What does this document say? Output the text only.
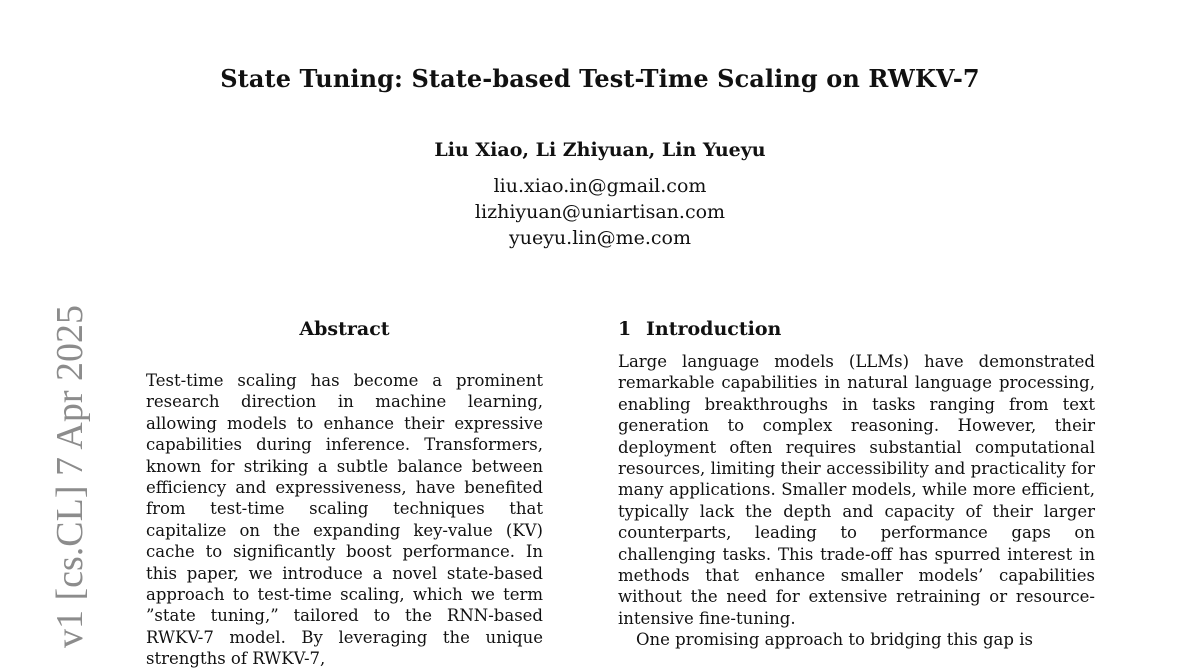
v1 [cs.CL] 7 Apr 2025
State Tuning: State-based Test-Time Scaling on RWKV-7
Liu Xiao, Li Zhiyuan, Lin Yueyu
liu.xiao.in@gmail.com
lizhiyuan@uniartisan.com
yueyu.lin@me.com
Abstract
Test-time scaling has become a prominent research direction in machine learning, allowing models to enhance their expressive capabilities during inference. Transformers, known for striking a subtle balance between efficiency and expressiveness, have benefited from test-time scaling techniques that capitalize on the expanding key-value (KV) cache to significantly boost performance. In this paper, we introduce a novel state-based approach to test-time scaling, which we term ”state tuning,” tailored to the RNN-based RWKV-7 model. By leveraging the unique strengths of RWKV-7,
1 Introduction

Large language models (LLMs) have demonstrated remarkable capabilities in natural language processing, enabling breakthroughs in tasks ranging from text generation to complex reasoning. However, their deployment often requires substantial computational resources, limiting their accessibility and practicality for many applications. Smaller models, while more efficient, typically lack the depth and capacity of their larger counterparts, leading to performance gaps on challenging tasks. This trade-off has spurred interest in methods that enhance smaller models’ capabilities without the need for extensive retraining or resource-intensive fine-tuning.

One promising approach to bridging this gap is
